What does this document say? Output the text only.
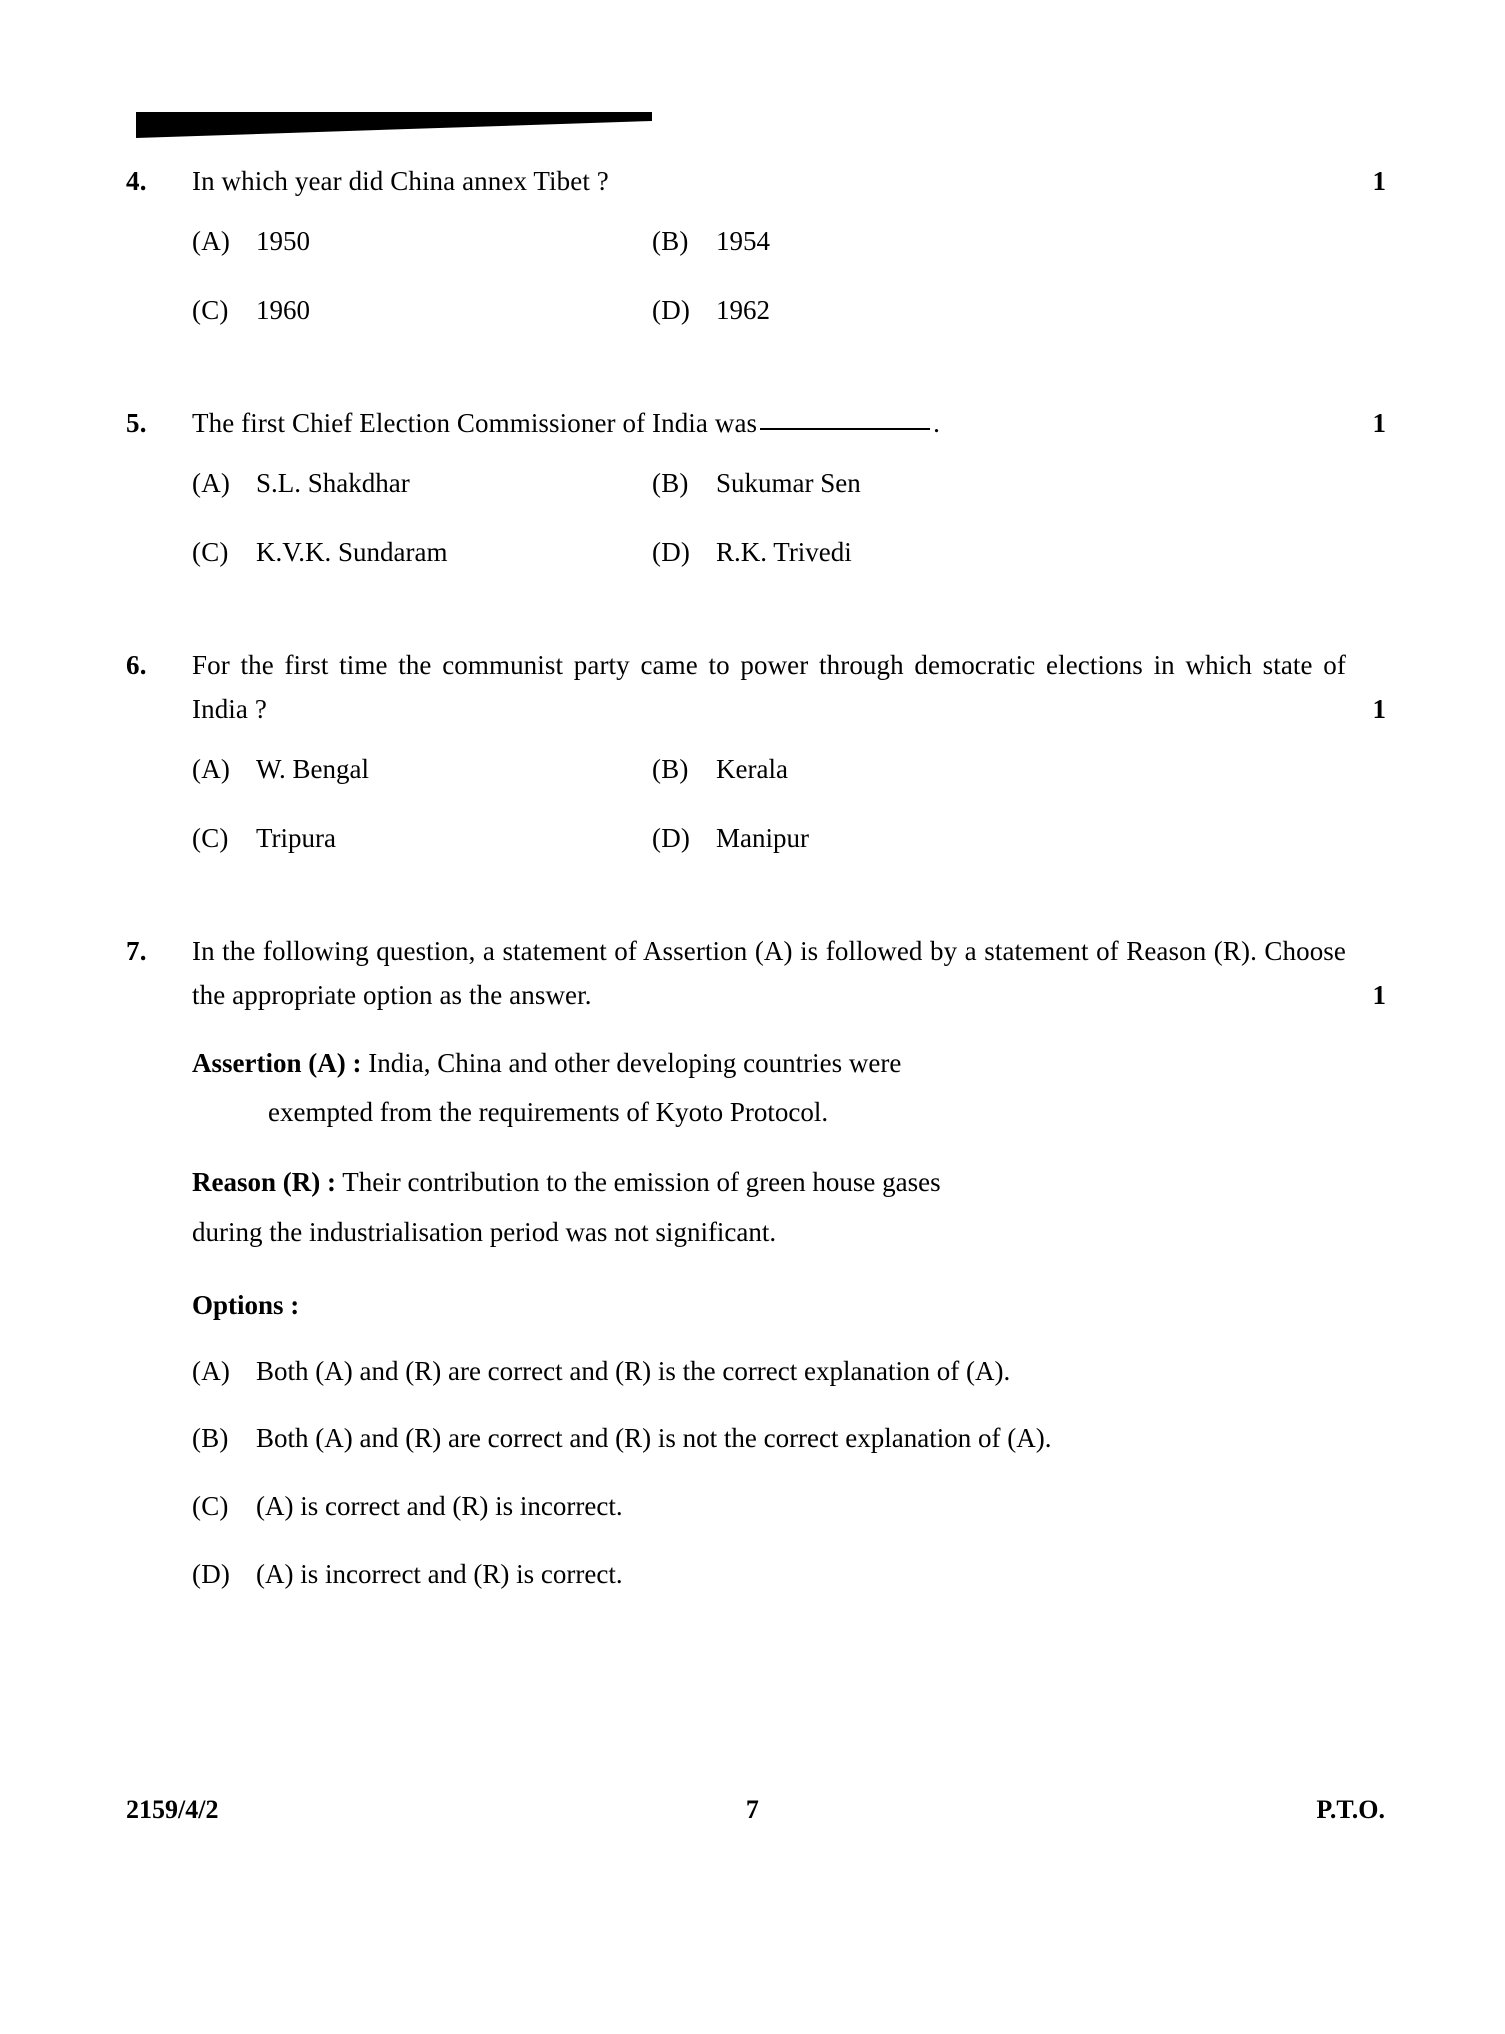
4.	In which year did China annex Tibet ?	1
(A) 1950	(B)	1954
(C)	1960	(D) 1962
5.	The first Chief Election Commissioner of India was	.	1
(A) S.L. Shakdhar	(B)	Sukumar Sen
(C)	K.V.K. Sundaram	(D) R.K. Trivedi
6.	For the first time the communist party came to power through democratic elections in which state of India ?	1
(A) W. Bengal	(B)	Kerala
(C)	Tripura	(D) Manipur
7.	In the following question, a statement of Assertion (A) is followed by a statement of Reason (R). Choose the appropriate option as the answer.	1
Assertion (A) : India, China and other developing countries were
exempted from the requirements of Kyoto Protocol.
Reason (R) : Their contribution to the emission of green house gases
during the industrialisation period was not significant.
Options :
(A) Both (A) and (R) are correct and (R) is the correct explanation of (A).
(B)	Both (A) and (R) are correct and (R) is not the correct explanation of (A).
(C)	(A) is correct and (R) is incorrect.
(D) (A) is incorrect and (R) is correct.
2159/4/2	7	P.T.O.
